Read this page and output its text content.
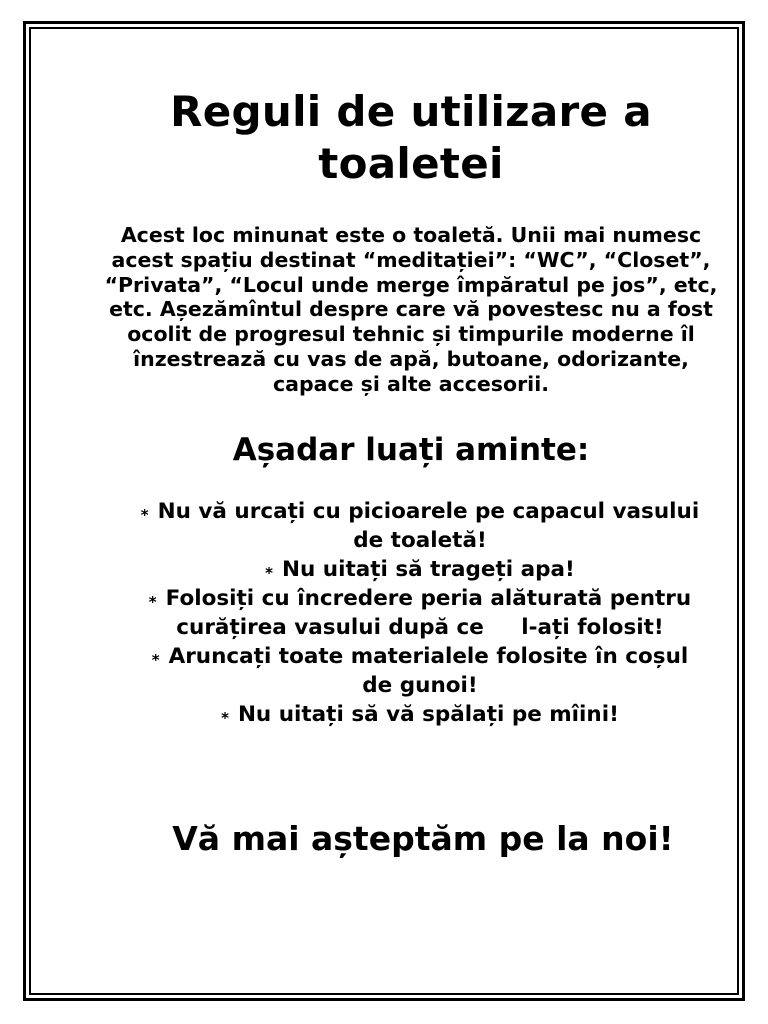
Reguli de utilizare a toaletei

Acest loc minunat este o toaletă. Unii mai numesc acest spațiu destinat “meditației”: “WC”, “Closet”, “Privata”, “Locul unde merge împăratul pe jos”, etc, etc. Așezămîntul despre care vă povestesc nu a fost ocolit de progresul tehnic și timpurile moderne îl înzestrează cu vas de apă, butoane, odorizante, capace și alte accesorii.

Așadar luați aminte:
⁎ Nu vă urcați cu picioarele pe capacul vasului de toaletă!
⁎ Nu uitați să trageți apa!
⁎ Folosiți cu încredere peria alăturată pentru curățirea vasului după ce     l-ați folosit!
⁎ Aruncați toate materialele folosite în coșul de gunoi!
⁎ Nu uitați să vă spălați pe mîini!

Vă mai așteptăm pe la noi!
